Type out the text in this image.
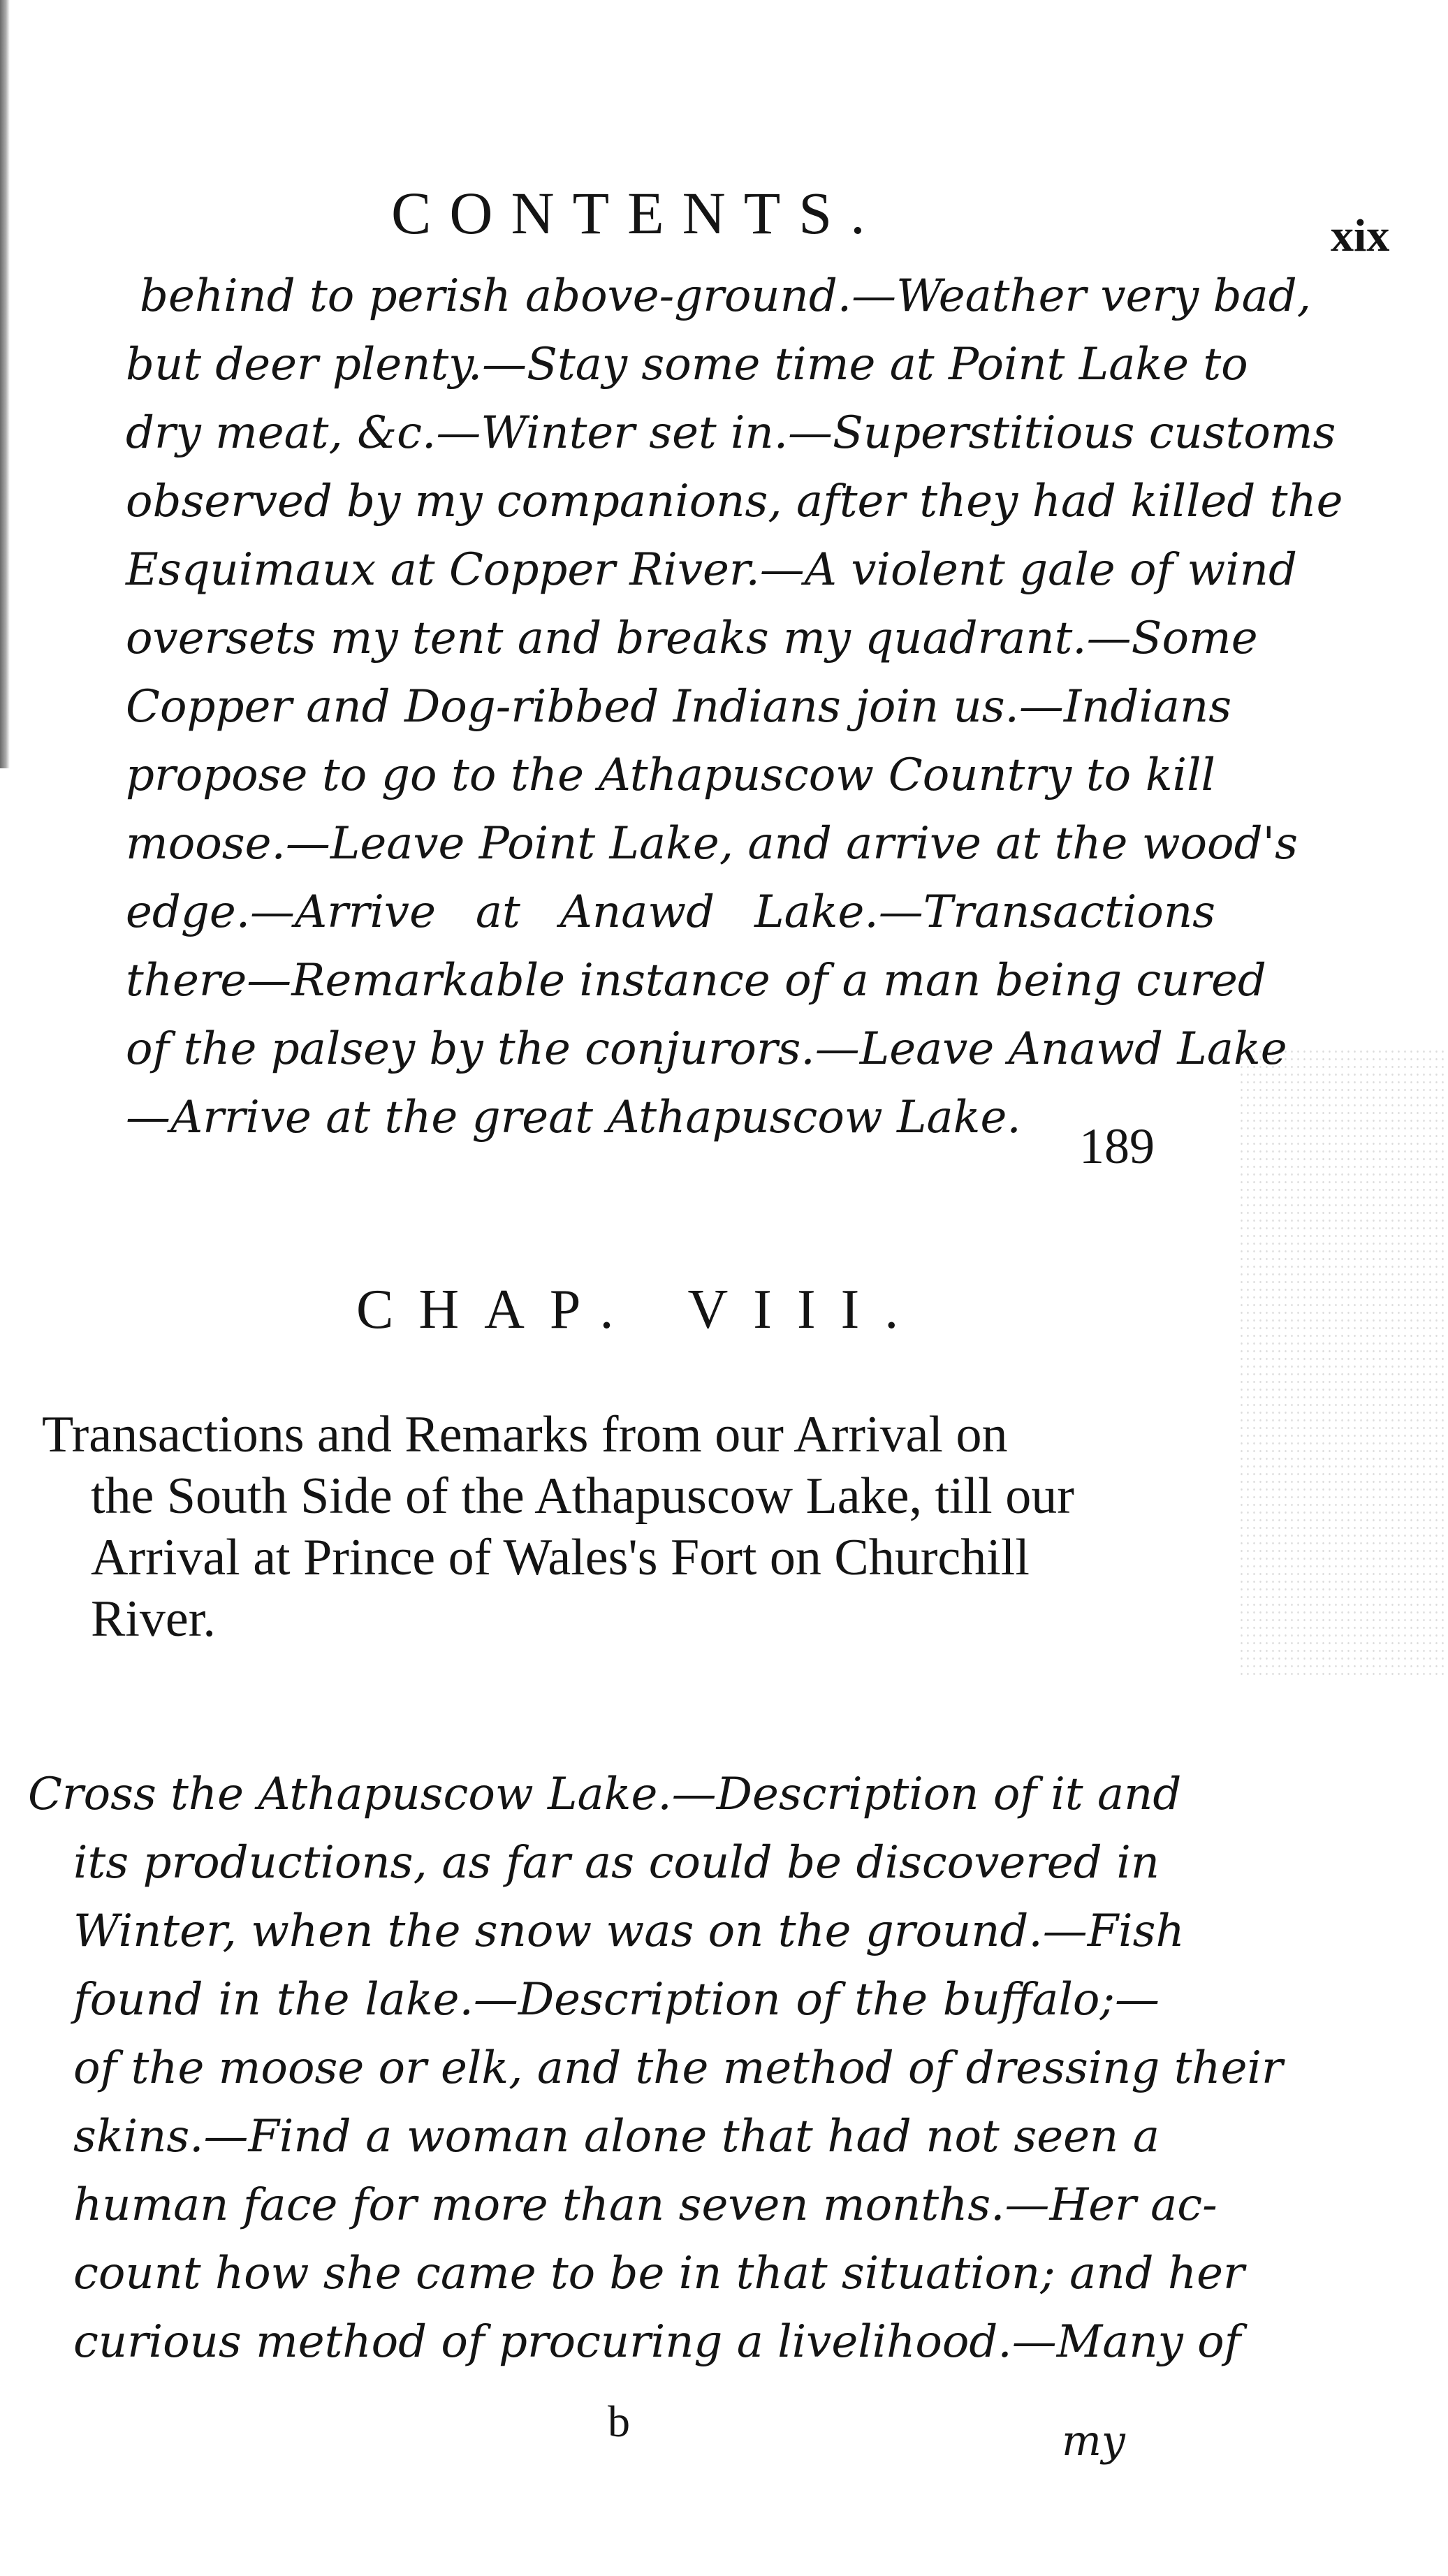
CONTENTS.	xix
behind to perish above-ground.—Weather very bad,
but deer plenty.—Stay some time at Point Lake to
dry meat, &c.—Winter set in.—Superstitious customs
observed by my companions, after they had killed the
Esquimaux at Copper River.—A violent gale of wind
oversets my tent and breaks my quadrant.—Some
Copper and Dog-ribbed Indians join us.—Indians
propose to go to the Athapuscow Country to kill
moose.—Leave Point Lake, and arrive at the wood's
edge.—Arrive at Anawd Lake.—Transactions
there—Remarkable instance of a man being cured
of the palsey by the conjurors.—Leave Anawd Lake
—Arrive at the great Athapuscow Lake.
189
CHAP. VIII.
Transactions and Remarks from our Arrival on
the South Side of the Athapuscow Lake, till our
Arrival at Prince of Wales's Fort on Churchill
River.
Cross the Athapuscow Lake.—Description of it and
its productions, as far as could be discovered in
Winter, when the snow was on the ground.—Fish
found in the lake.—Description of the buffalo;—
of the moose or elk, and the method of dressing their
skins.—Find a woman alone that had not seen a
human face for more than seven months.—Her ac-
count how she came to be in that situation; and her
curious method of procuring a livelihood.—Many of
b	my
